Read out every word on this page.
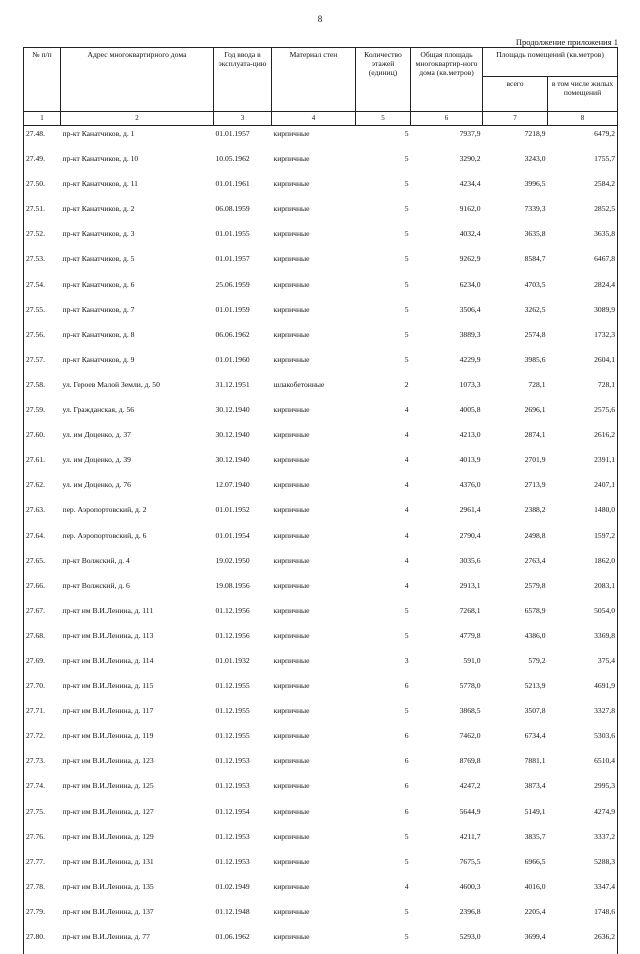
8
Продолжение приложения 1
№ п/п	Адрес многоквартирного дома	Год ввода в эксплуата-цию	Материал стен	Количество этажей (единиц)	Общая площадь многоквартир-ного дома (кв.метров)	Площадь помещений (кв.метров)	
						всего	в том числе жилых помещений
1	2	3	4	5	6	7	8
27.48.	пр-кт Канатчиков, д. 1	01.01.1957	кирпичные	5	7937,9	7218,9	6479,2
27.49.	пр-кт Канатчиков, д. 10	10.05.1962	кирпичные	5	3290,2	3243,0	1755,7
27.50.	пр-кт Канатчиков, д. 11	01.01.1961	кирпичные	5	4234,4	3996,5	2584,2
27.51.	пр-кт Канатчиков, д. 2	06.08.1959	кирпичные	5	9162,0	7339,3	2852,5
27.52.	пр-кт Канатчиков, д. 3	01.01.1955	кирпичные	5	4032,4	3635,8	3635,8
27.53.	пр-кт Канатчиков, д. 5	01.01.1957	кирпичные	5	9262,9	8584,7	6467,8
27.54.	пр-кт Канатчиков, д. 6	25.06.1959	кирпичные	5	6234,0	4703,5	2824,4
27.55.	пр-кт Канатчиков, д. 7	01.01.1959	кирпичные	5	3506,4	3262,5	3089,9
27.56.	пр-кт Канатчиков, д. 8	06.06.1962	кирпичные	5	3889,3	2574,8	1732,3
27.57.	пр-кт Канатчиков, д. 9	01.01.1960	кирпичные	5	4229,9	3985,6	2604,1
27.58.	ул. Героев Малой Земли, д. 50	31.12.1951	шлакобетонные	2	1073,3	728,1	728,1
27.59.	ул. Гражданская, д. 56	30.12.1940	кирпичные	4	4005,8	2696,1	2575,6
27.60.	ул. им Доценко, д. 37	30.12.1940	кирпичные	4	4213,0	2874,1	2616,2
27.61.	ул. им Доценко, д. 39	30.12.1940	кирпичные	4	4013,9	2701,9	2391,1
27.62.	ул. им Доценко, д. 76	12.07.1940	кирпичные	4	4376,0	2713,9	2407,1
27.63.	пер. Аэропортовский, д. 2	01.01.1952	кирпичные	4	2961,4	2388,2	1480,0
27.64.	пер. Аэропортовский, д. 6	01.01.1954	кирпичные	4	2790,4	2498,8	1597,2
27.65.	пр-кт Волжский, д. 4	19.02.1950	кирпичные	4	3035,6	2763,4	1862,0
27.66.	пр-кт Волжский, д. 6	19.08.1956	кирпичные	4	2913,1	2579,8	2083,1
27.67.	пр-кт им В.И.Ленина, д. 111	01.12.1956	кирпичные	5	7268,1	6578,9	5054,0
27.68.	пр-кт им В.И.Ленина, д. 113	01.12.1956	кирпичные	5	4779,8	4386,0	3369,8
27.69.	пр-кт им В.И.Ленина, д. 114	01.01.1932	кирпичные	3	591,0	579,2	375,4
27.70.	пр-кт им В.И.Ленина, д. 115	01.12.1955	кирпичные	6	5778,0	5213,9	4691,9
27.71.	пр-кт им В.И.Ленина, д. 117	01.12.1955	кирпичные	5	3868,5	3507,8	3327,8
27.72.	пр-кт им В.И.Ленина, д. 119	01.12.1955	кирпичные	6	7462,0	6734,4	5303,6
27.73.	пр-кт им В.И.Ленина, д. 123	01.12.1953	кирпичные	6	8769,8	7881,1	6510,4
27.74.	пр-кт им В.И.Ленина, д. 125	01.12.1953	кирпичные	6	4247,2	3873,4	2995,3
27.75.	пр-кт им В.И.Ленина, д. 127	01.12.1954	кирпичные	6	5644,9	5149,1	4274,9
27.76.	пр-кт им В.И.Ленина, д. 129	01.12.1953	кирпичные	5	4211,7	3835,7	3337,2
27.77.	пр-кт им В.И.Ленина, д. 131	01.12.1953	кирпичные	5	7675,5	6966,5	5288,3
27.78.	пр-кт им В.И.Ленина, д. 135	01.02.1949	кирпичные	4	4600,3	4016,0	3347,4
27.79.	пр-кт им В.И.Ленина, д. 137	01.12.1948	кирпичные	5	2396,8	2205,4	1748,6
27.80.	пр-кт им В.И.Ленина, д. 77	01.06.1962	кирпичные	5	5293,0	3699,4	2636,2
